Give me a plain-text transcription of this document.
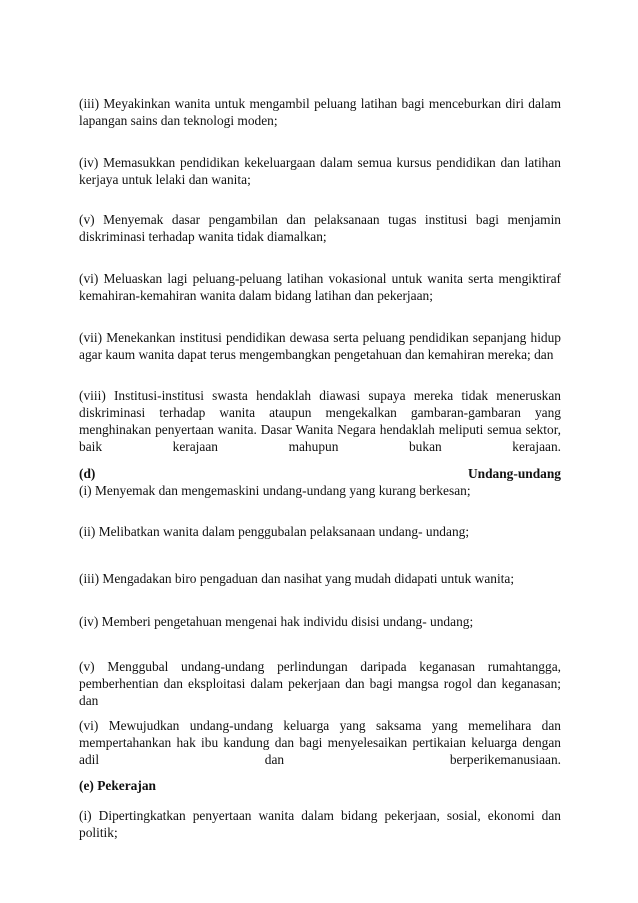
(iii) Meyakinkan wanita untuk mengambil peluang latihan bagi menceburkan diri dalam lapangan sains dan teknologi moden;

(iv) Memasukkan pendidikan kekeluargaan dalam semua kursus pendidikan dan latihan kerjaya untuk lelaki dan wanita;

(v) Menyemak dasar pengambilan dan pelaksanaan tugas institusi bagi menjamin diskriminasi terhadap wanita tidak diamalkan;

(vi) Meluaskan lagi peluang-peluang latihan vokasional untuk wanita serta mengiktiraf kemahiran-kemahiran wanita dalam bidang latihan dan pekerjaan;

(vii) Menekankan institusi pendidikan dewasa serta peluang pendidikan sepanjang hidup agar kaum wanita dapat terus mengembangkan pengetahuan dan kemahiran mereka; dan

(viii) Institusi-institusi swasta hendaklah diawasi supaya mereka tidak meneruskan diskriminasi terhadap wanita ataupun mengekalkan gambaran-gambaran yang menghinakan penyertaan wanita. Dasar Wanita Negara hendaklah meliputi semua sektor, baik kerajaan mahupun bukan kerajaan.

(d)	Undang-undang

(i) Menyemak dan mengemaskini undang-undang yang kurang berkesan;

(ii) Melibatkan wanita dalam penggubalan pelaksanaan undang- undang;

(iii) Mengadakan biro pengaduan dan nasihat yang mudah didapati untuk wanita;

(iv) Memberi pengetahuan mengenai hak individu disisi undang- undang;

(v) Menggubal undang-undang perlindungan daripada keganasan rumahtangga, pemberhentian dan eksploitasi dalam pekerjaan dan bagi mangsa rogol dan keganasan; dan

(vi) Mewujudkan undang-undang keluarga yang saksama yang memelihara dan mempertahankan hak ibu kandung dan bagi menyelesaikan pertikaian keluarga dengan adil dan berperikemanusiaan.

(e) Pekerajan

(i) Dipertingkatkan penyertaan wanita dalam bidang pekerjaan, sosial, ekonomi dan politik;
